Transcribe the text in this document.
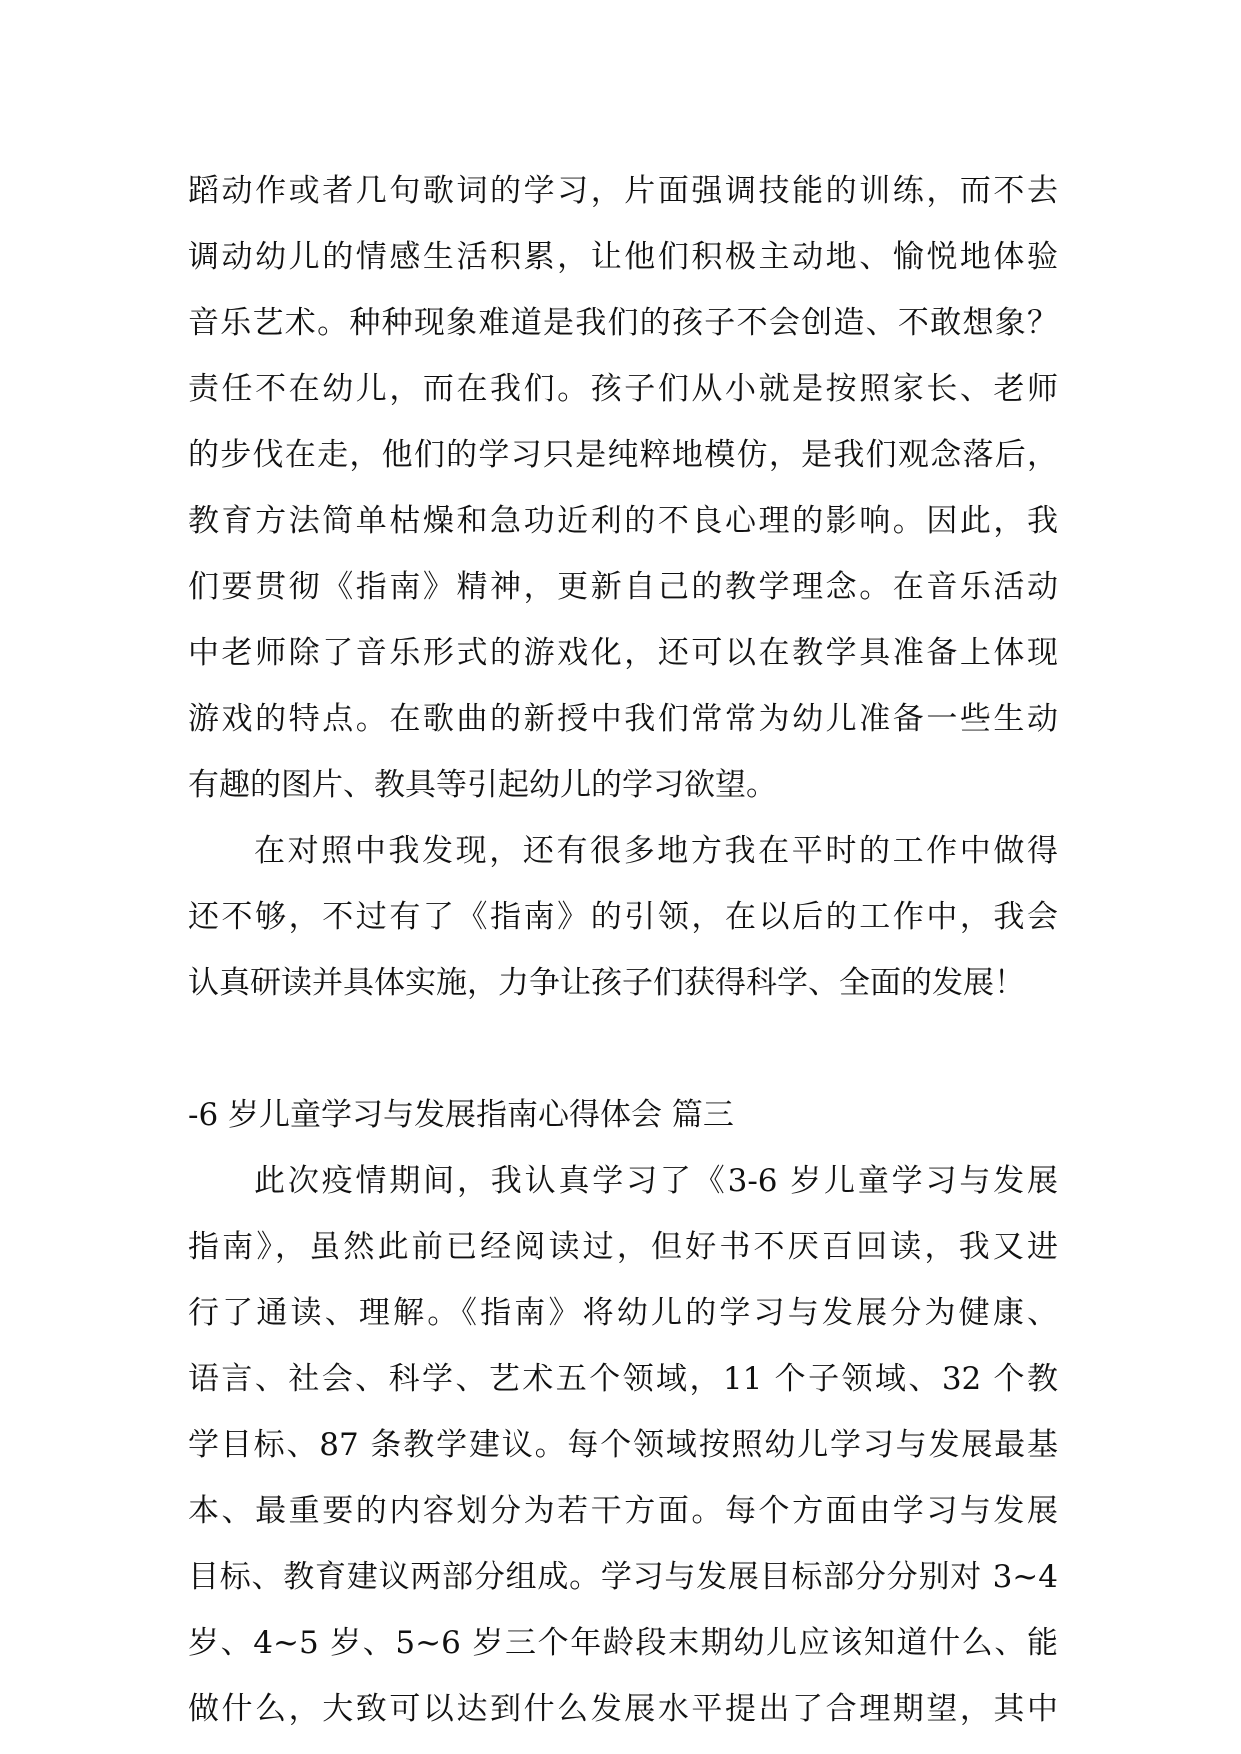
蹈动作或者几句歌词的学习，片面强调技能的训练，而不去
调动幼儿的情感生活积累，让他们积极主动地、愉悦地体验
音乐艺术。种种现象难道是我们的孩子不会创造、不敢想象？
责任不在幼儿，而在我们。孩子们从小就是按照家长、老师
的步伐在走，他们的学习只是纯粹地模仿，是我们观念落后，
教育方法简单枯燥和急功近利的不良心理的影响。因此，我
们要贯彻《指南》精神，更新自己的教学理念。在音乐活动
中老师除了音乐形式的游戏化，还可以在教学具准备上体现
游戏的特点。在歌曲的新授中我们常常为幼儿准备一些生动
有趣的图片、教具等引起幼儿的学习欲望。
在对照中我发现，还有很多地方我在平时的工作中做得
还不够，不过有了《指南》的引领，在以后的工作中，我会
认真研读并具体实施，力争让孩子们获得科学、全面的发展！
-6 岁儿童学习与发展指南心得体会 篇三
此次疫情期间，我认真学习了《3-6 岁儿童学习与发展
指南》，虽然此前已经阅读过，但好书不厌百回读，我又进
行了通读、理解。《指南》将幼儿的学习与发展分为健康、
语言、社会、科学、艺术五个领域，11 个子领域、32 个教
学目标、87 条教学建议。每个领域按照幼儿学习与发展最基
本、最重要的内容划分为若干方面。每个方面由学习与发展
目标、教育建议两部分组成。学习与发展目标部分分别对 3~4
岁、4~5 岁、5~6 岁三个年龄段末期幼儿应该知道什么、能
做什么，大致可以达到什么发展水平提出了合理期望，其中
